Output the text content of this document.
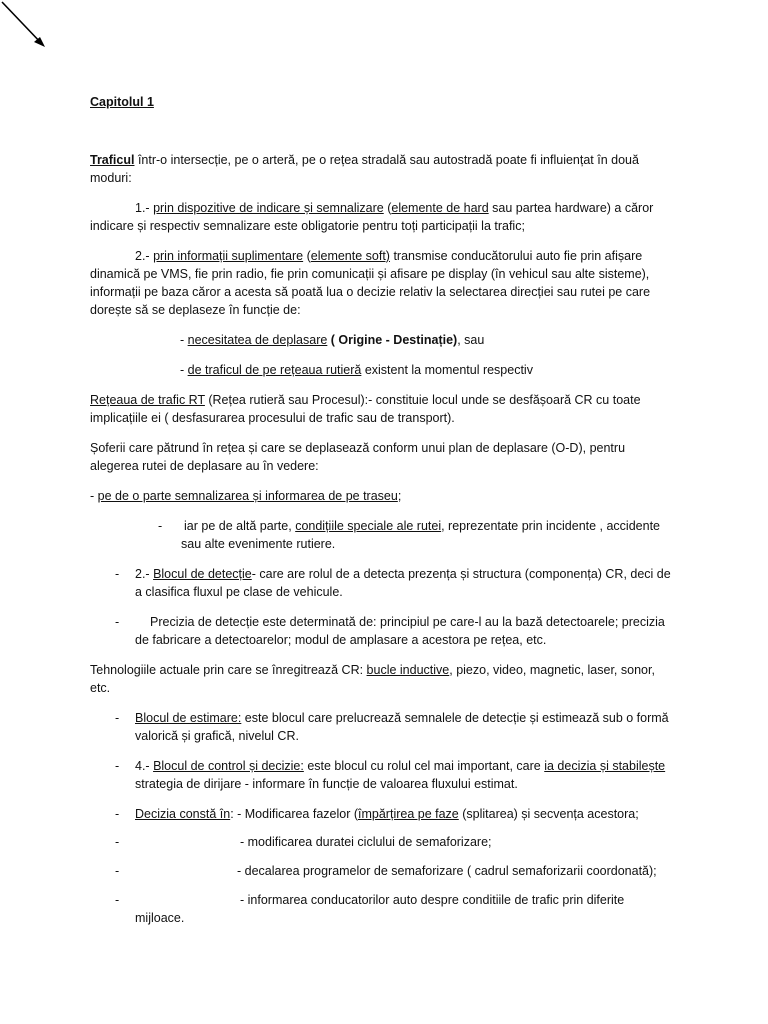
Capitolul 1
Traficul într-o intersecție, pe o arteră, pe o rețea stradală sau autostradă poate fi influiențat în două
moduri:
1.- prin dispozitive de indicare și semnalizare (elemente de hard sau partea hardware) a căror
indicare și respectiv semnalizare este obligatorie pentru toți participații la trafic;
2.- prin informații suplimentare (elemente soft) transmise conducătorului auto fie prin afișare
dinamică pe VMS, fie prin radio, fie prin comunicații și afisare pe display (în vehicul sau alte sisteme),
informații pe baza căror a acesta să poată lua o decizie relativ la selectarea direcției sau rutei pe care
dorește să se deplaseze în funcție de:
- necesitatea de deplasare ( Origine - Destinație), sau
- de traficul de pe rețeaua rutieră existent la momentul respectiv
Rețeaua de trafic RT (Rețea rutieră sau Procesul):- constituie locul unde se desfășoară CR cu toate
implicațiile ei ( desfasurarea procesului de trafic sau de transport).
Șoferii care pătrund în rețea și care se deplasează conform unui plan de deplasare (O-D), pentru
alegerea rutei de deplasare au în vedere:
- pe de o parte semnalizarea și informarea de pe traseu;
- iar pe de altă parte, condițiile speciale ale rutei, reprezentate prin incidente , accidente
sau alte evenimente rutiere.
- 2.- Blocul de detecție- care are rolul de a detecta prezența și structura (componența) CR, deci de
a clasifica fluxul pe clase de vehicule.
- Precizia de detecție este determinată de: principiul pe care-l au la bază detectoarele; precizia
de fabricare a detectoarelor; modul de amplasare a acestora pe rețea, etc.
Tehnologiile actuale prin care se înregitrează CR: bucle inductive, piezo, video, magnetic, laser, sonor,
etc.
- Blocul de estimare: este blocul care prelucrează semnalele de detecție și estimează sub o formă
valorică și grafică, nivelul CR.
- 4.- Blocul de control și decizie: este blocul cu rolul cel mai important, care ia decizia și stabilește
strategia de dirijare - informare în funcție de valoarea fluxului estimat.
- Decizia constă în: - Modificarea fazelor (împărțirea pe faze (splitarea) și secvența acestora;
-	- modificarea duratei ciclului de semaforizare;
-	- decalarea programelor de semaforizare ( cadrul semaforizarii coordonată);
-	- informarea conducatorilor auto despre conditiile de trafic prin diferite
mijloace.
